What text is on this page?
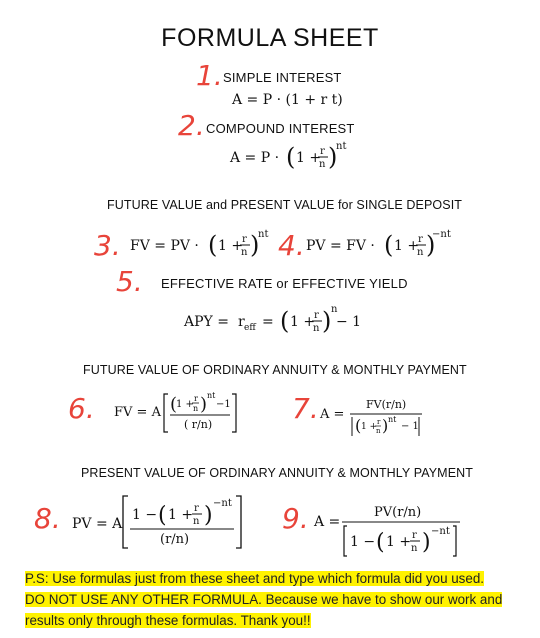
FORMULA SHEET
1. SIMPLE INTEREST
A = P · (1 + r t)
2. COMPOUND INTEREST
A = P · ( 1 +
r
n )
nt
FUTURE VALUE and PRESENT VALUE for SINGLE DEPOSIT
3. FV = PV · ( 1 +
r
n )
nt 4. PV = FV · ( 1 +
r
n )
−nt
5. EFFECTIVE RATE or EFFECTIVE YIELD
APY = r eff = ( 1 +
r
n ) n
− 1
FUTURE VALUE OF ORDINARY ANNUITY & MONTHLY PAYMENT
6. FV = A (
1 +
r
n ) nt
−1
( r/n)	7. A =
FV(r/n)
( 1 + r
n ) nt
− 1
PRESENT VALUE OF ORDINARY ANNUITY & MONTHLY PAYMENT
8. PV = A
1 − ( 1 + r
n ) −nt
(r/n)
9. A =
PV(r/n)
1 − ( 1 + r
n ) −nt
P.S: Use formulas just from these sheet and type which formula did you used.
DO NOT USE ANY OTHER FORMULA. Because we have to show our work and
results only through these formulas. Thank you!!
